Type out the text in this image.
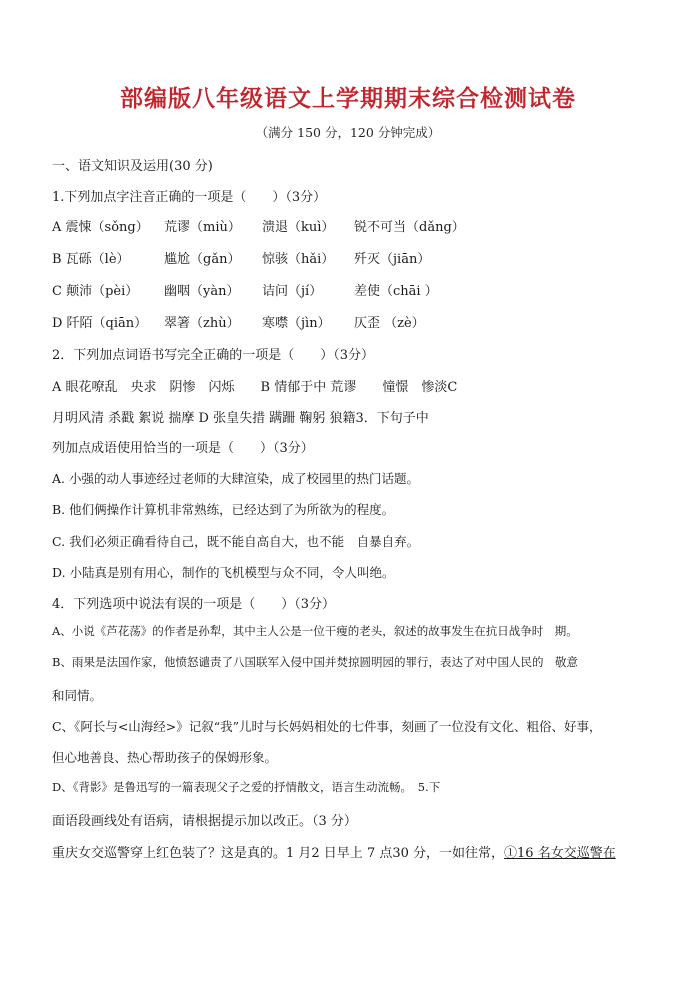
部编版八年级语文上学期期末综合检测试卷
（满分 150 分，120 分钟完成）
一、语文知识及运用(30 分)
1.下列加点字注音正确的一项是（　　）（3分）
A 震悚（sǒng） 荒谬（miù） 溃退（kuì） 锐不可当（dǎng）
B 瓦砾（lè）	尴尬（gǎn） 惊骇（hǎi） 歼灭（jiān）
C 颠沛（pèi） 幽咽（yàn） 诘问（jí） 差使（chāi ）
D 阡陌（qiān） 翠箸（zhù） 寒噤（jìn） 仄歪 （zè）
2．下列加点词语书写完全正确的一项是（　　）（3分）
A 眼花嘹乱　央求　阴惨　闪烁　　B 情郁于中 荒谬　　憧憬　惨淡C
月明风清 杀戳 絮说 揣摩 D 张皇失措 蹒跚 鞠躬 狼籍3．下句子中
列加点成语使用恰当的一项是（　　）（3分）
A. 小强的动人事迹经过老师的大肆渲染，成了校园里的热门话题。
B. 他们俩操作计算机非常熟练，已经达到了为所欲为的程度。
C. 我们必须正确看待自己，既不能自高自大，也不能　自暴自弃。
D. 小陆真是别有用心，制作的飞机模型与众不同，令人叫绝。
4．下列选项中说法有误的一项是（　　）（3分）
A、小说《芦花荡》的作者是孙犁，其中主人公是一位干瘦的老头，叙述的故事发生在抗日战争时　期。
B、雨果是法国作家，他愤怒谴责了八国联军入侵中国并焚掠圆明园的罪行，表达了对中国人民的　敬意
和同情。
C、《阿长与<山海经>》记叙“我”儿时与长妈妈相处的七件事，刻画了一位没有文化、粗俗、好事，
但心地善良、热心帮助孩子的保姆形象。
D、《背影》是鲁迅写的一篇表现父子之爱的抒情散文，语言生动流畅。　5.下
面语段画线处有语病，请根据提示加以改正。（3 分）
重庆女交巡警穿上红色装了？这是真的。1 月2 日早上 7 点30 分，一如往常，①16 名女交巡警在
